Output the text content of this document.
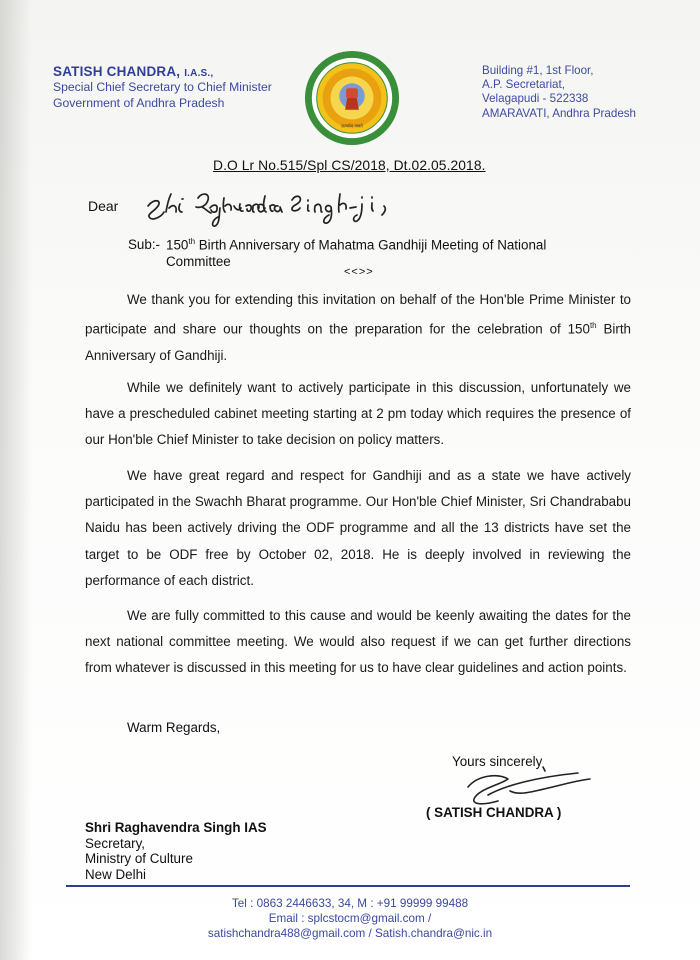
SATISH CHANDRA, I.A.S.,
Special Chief Secretary to Chief Minister
Government of Andhra Pradesh
सत्यमेव जयते
Building #1, 1st Floor,
A.P. Secretariat,
Velagapudi - 522338
AMARAVATI, Andhra Pradesh
D.O Lr No.515/Spl CS/2018, Dt.02.05.2018.
Dear
Sub:- 150th Birth Anniversary of Mahatma Gandhiji Meeting of National
Committee
<<>>
We thank you for extending this invitation on behalf of the Hon'ble Prime Minister to participate and share our thoughts on the preparation for the celebration of 150th Birth Anniversary of Gandhiji.
While we definitely want to actively participate in this discussion, unfortunately we have a prescheduled cabinet meeting starting at 2 pm today which requires the presence of our Hon'ble Chief Minister to take decision on policy matters.
We have great regard and respect for Gandhiji and as a state we have actively participated in the Swachh Bharat programme. Our Hon'ble Chief Minister, Sri Chandrababu Naidu has been actively driving the ODF programme and all the 13 districts have set the target to be ODF free by October 02, 2018. He is deeply involved in reviewing the performance of each district.
We are fully committed to this cause and would be keenly awaiting the dates for the next national committee meeting. We would also request if we can get further directions from whatever is discussed in this meeting for us to have clear guidelines and action points.
Warm Regards,
Yours sincerely
( SATISH CHANDRA )
Shri Raghavendra Singh IAS
Secretary,
Ministry of Culture
New Delhi
Tel : 0863 2446633, 34, M : +91 99999 99488
Email : splcstocm@gmail.com /
satishchandra488@gmail.com / Satish.chandra@nic.in
